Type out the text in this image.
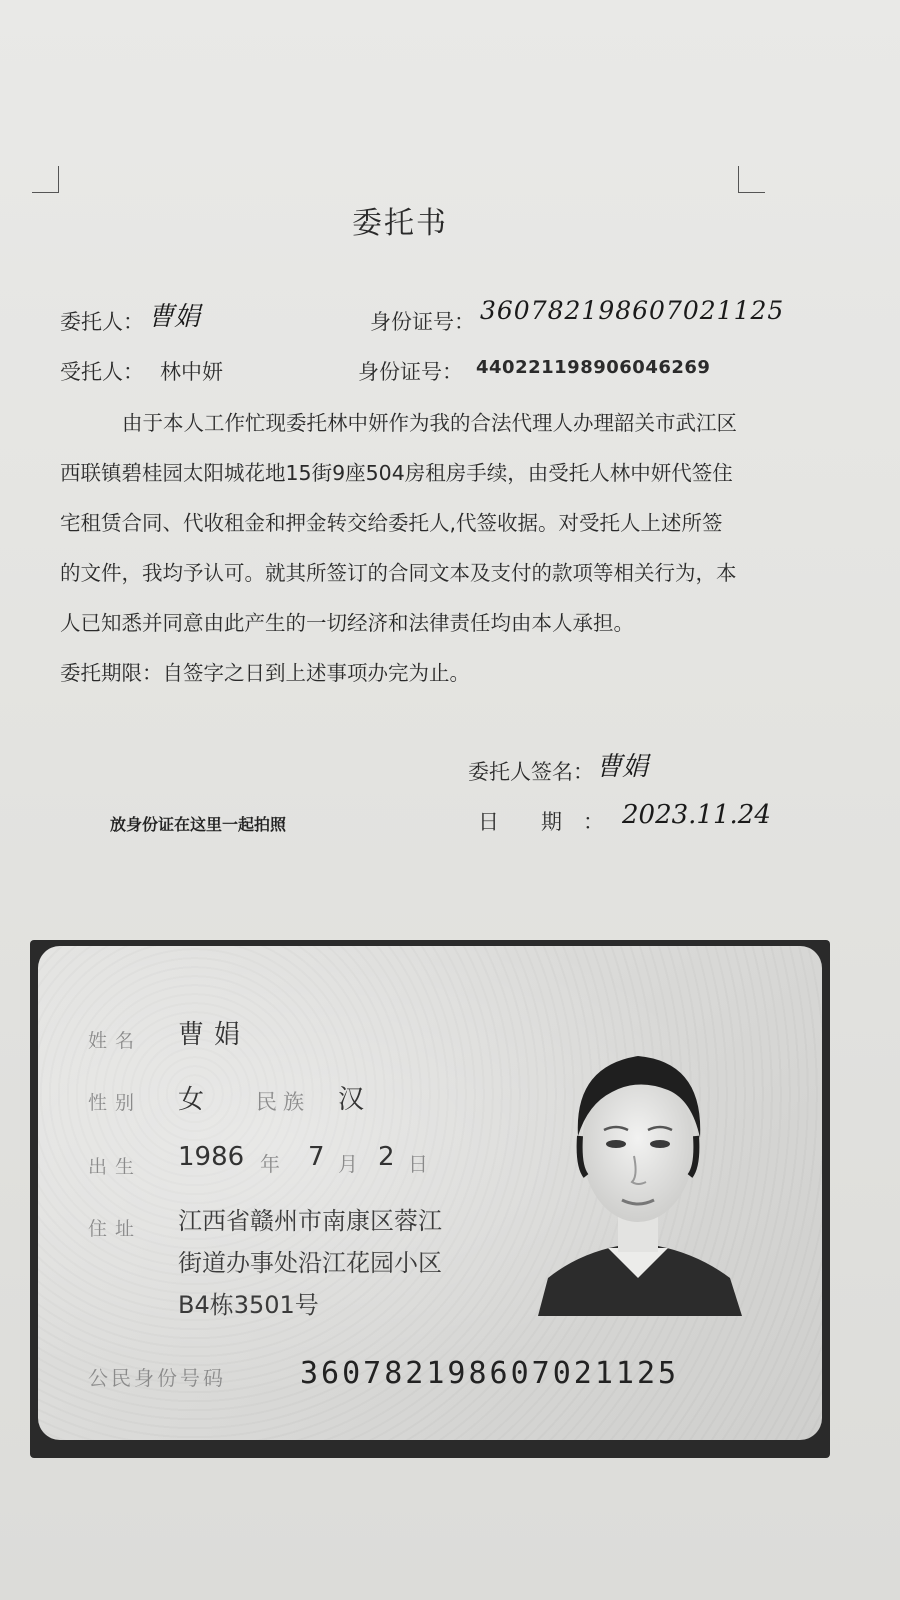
委托书
委托人： 曹娟	身份证号： 360782198607021125
受托人： 林中妍	身份证号： 440221198906046269

由于本人工作忙现委托林中妍作为我的合法代理人办理韶关市武江区西联镇碧桂园太阳城花地15街9座504房租房手续，由受托人林中妍代签住宅租赁合同、代收租金和押金转交给委托人,代签收据。对受托人上述所签的文件，我均予认可。就其所签订的合同文本及支付的款项等相关行为，本人已知悉并同意由此产生的一切经济和法律责任均由本人承担。

委托期限：自签字之日到上述事项办完为止。

委托人签名： 曹娟
放身份证在这里一起拍照	日　　期　： 2023.11.24
姓名 曹娟
性别 女 民族 汉
出生 1986 年 7 月 2 日
住址 江西省赣州市南康区蓉江
街道办事处沿江花园小区
B4栋3501号
公民身份号码 360782198607021125
